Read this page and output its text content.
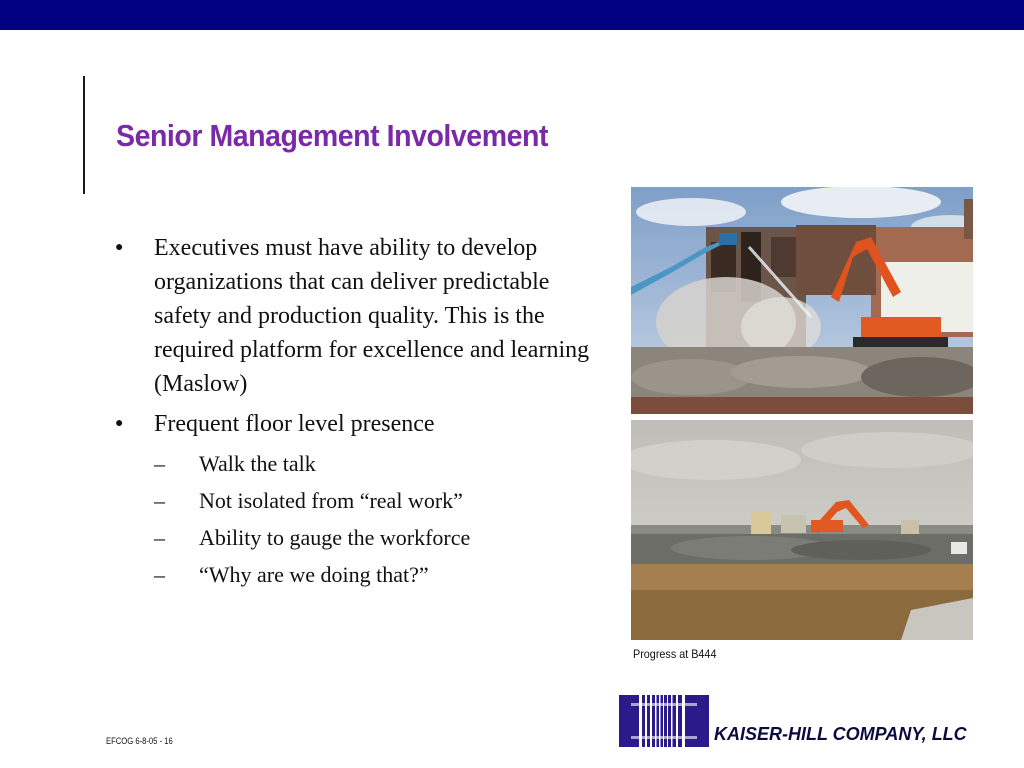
Senior Management Involvement
● Executives must have ability to develop organizations that can deliver predictable safety and production quality. This is the required platform for excellence and learning (Maslow)
● Frequent floor level presence
– Walk the talk
– Not isolated from “real work”
– Ability to gauge the workforce
– “Why are we doing that?”
Progress at B444
KAISER-HILL COMPANY, LLC
EFCOG 6-8-05 - 16
